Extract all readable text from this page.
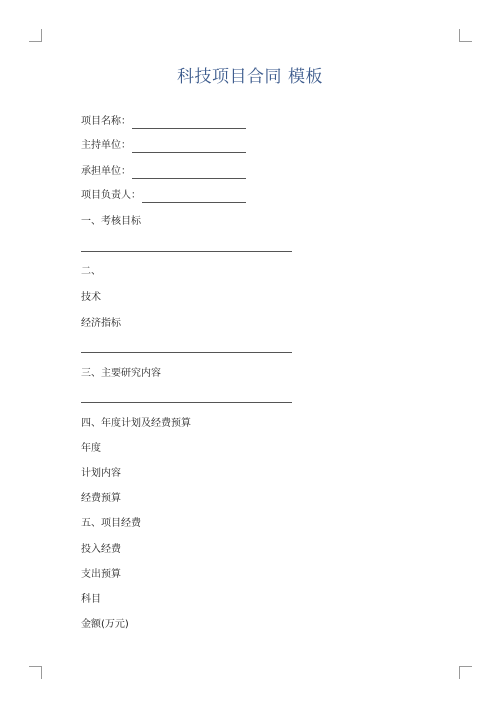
科技项目合同 模板
项目名称：
主持单位：
承担单位：
项目负责人：
一、考核目标
二、
技术
经济指标
三、主要研究内容
四、年度计划及经费预算
年度
计划内容
经费预算
五、项目经费
投入经费
支出预算
科目
金额(万元)
